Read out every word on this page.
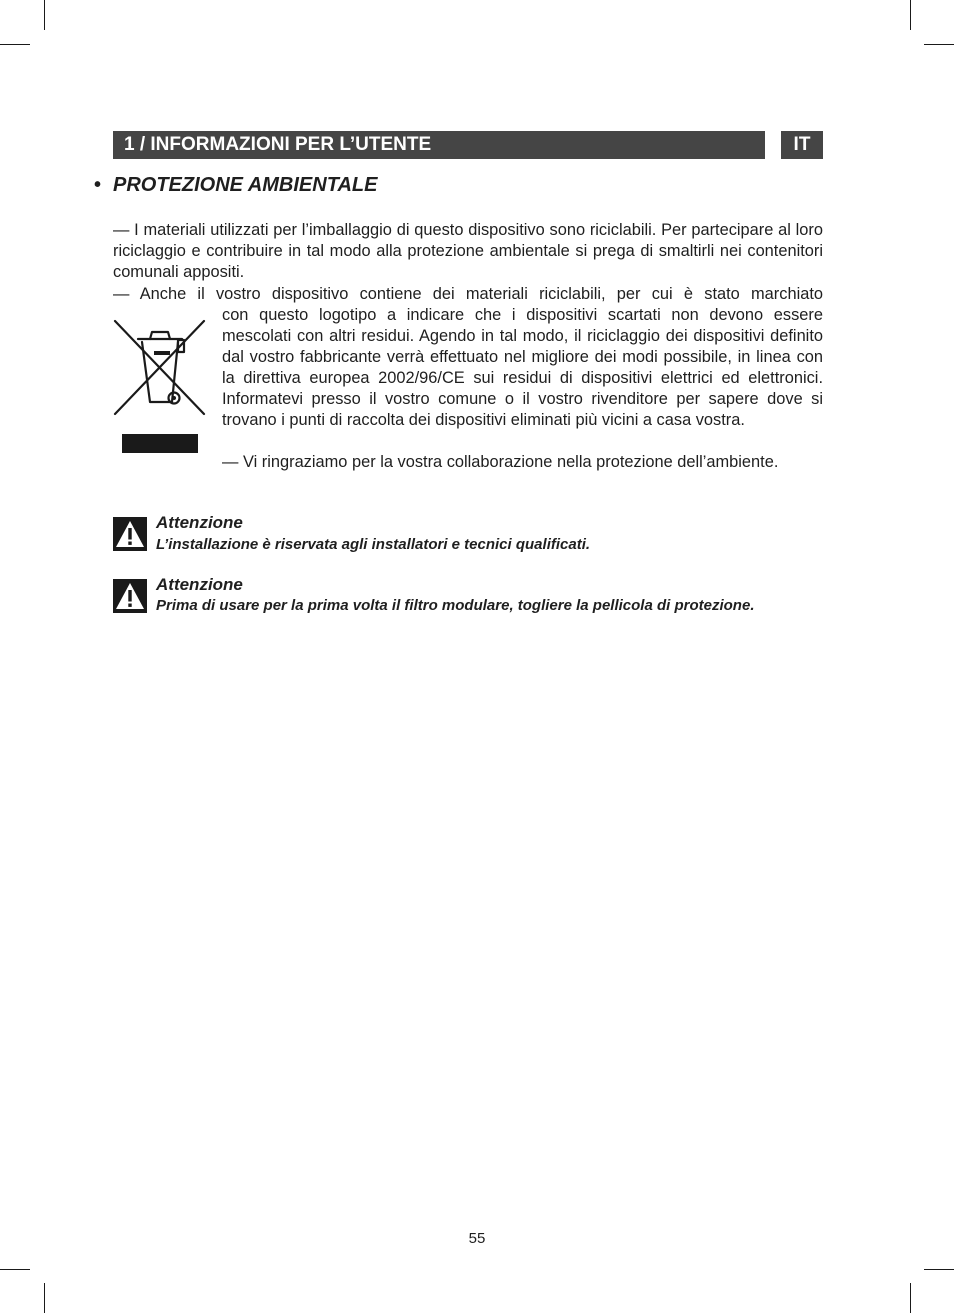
1 / INFORMAZIONI PER L’UTENTE	IT
• PROTEZIONE AMBIENTALE
— I materiali utilizzati per l’imballaggio di questo dispositivo sono riciclabili. Per partecipare al loro riciclaggio e contribuire in tal modo alla protezione ambientale si prega di smaltirli nei contenitori comunali appositi.
— Anche il vostro dispositivo contiene dei materiali riciclabili, per cui è stato marchiato
con questo logotipo a indicare che i dispositivi scartati non devono essere mescolati con altri residui. Agendo in tal modo, il riciclaggio dei dispositivi definito dal vostro fabbricante verrà effettuato nel migliore dei modi possibile, in linea con la direttiva europea 2002/96/CE sui residui di dispositivi elettrici ed elettronici. Informatevi presso il vostro comune o il vostro rivenditore per sapere dove si trovano i punti di raccolta dei dispositivi eliminati più vicini a casa vostra.
— Vi ringraziamo per la vostra collaborazione nella protezione dell’ambiente.
Attenzione
L’installazione è riservata agli installatori e tecnici qualificati.
Attenzione
Prima di usare per la prima volta il filtro modulare, togliere la pellicola di protezione.
55
